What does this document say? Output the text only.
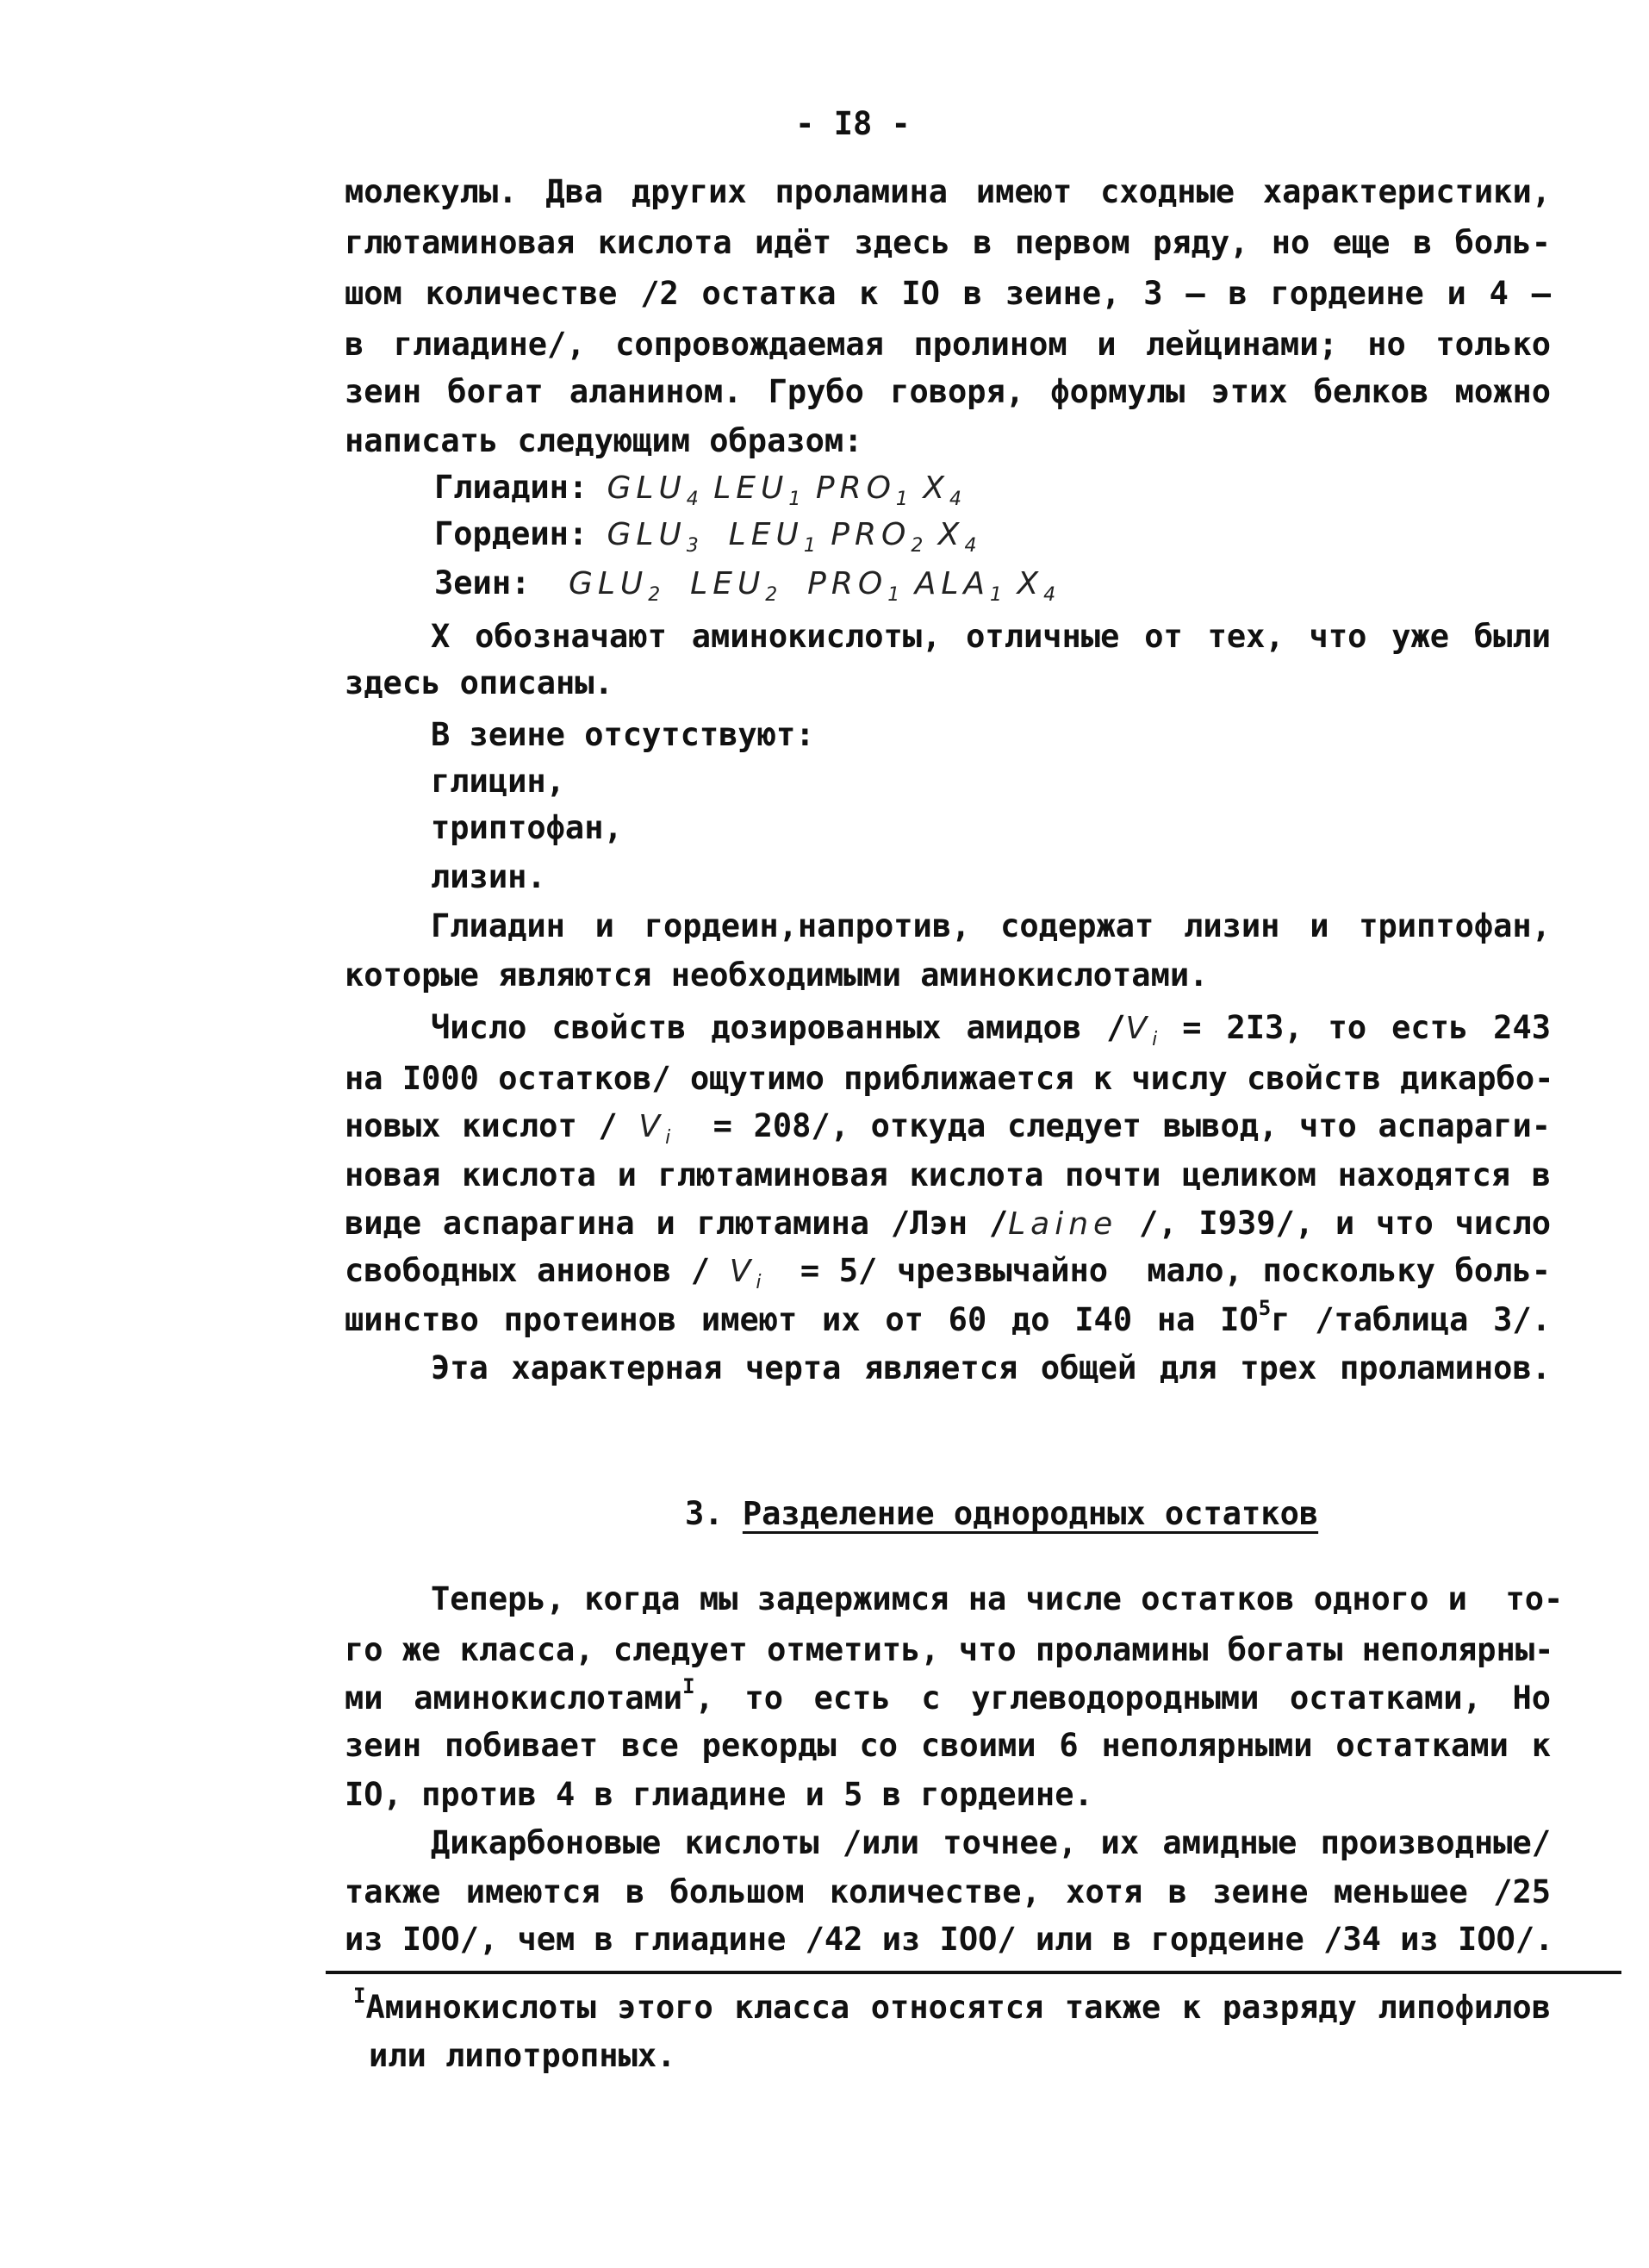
- I8 -
молекулы. Два других проламина имеют сходные характеристики,
глютаминовая кислота идёт здесь в первом ряду, но еще в боль-
шом количестве /2 остатка к IO в зеине, 3 – в гордеине и 4 –
в глиадине/, сопровождаемая пролином и лейцинами; но только
зеин богат аланином. Грубо говоря, формулы этих белков можно
написать следующим образом:
Глиадин: $GLU_4$ $LEU_1$ $PRO_1$ $X_4$
Гордеин: $GLU_3$  $LEU_1$ $PRO_2$ $X_4$
Зеин:  $GLU_2$  $LEU_2$  $PRO_1$ $ALA_1$ $X_4$
X обозначают аминокислоты, отличные от тех, что уже были
здесь описаны.
В зеине отсутствуют:
глицин,
триптофан,
лизин.
Глиадин и гордеин,напротив, содержат лизин и триптофан,
которые являются необходимыми аминокислотами.
Число свойств дозированных амидов $/V_i = 2I3$, то есть 243
на I000 остатков/ ощутимо приближается к числу свойств дикарбо-
новых кислот / $V_i = 208/$, откуда следует вывод, что аспараги-
новая кислота и глютаминовая кислота почти целиком находятся в
виде аспарагина и глютамина /Лэн /Laine /, I939/, и что число
свободных анионов / $V_i = 5/$ чрезвычайно  мало, поскольку боль-
шинство протеинов имеют их от 60 до I40 на $IO^5г$ /таблица 3/.
Эта характерная черта является общей для трех проламинов.
3. Разделение однородных остатков
Теперь, когда мы задержимся на числе остатков одного и  то-
го же класса, следует отметить, что проламины богаты неполярны-
ми аминокислотами$^I$, то есть с углеводородными остатками, Но
зеин побивает все рекорды со своими 6 неполярными остатками к
IO, против 4 в глиадине и 5 в гордеине.
Дикарбоновые кислоты /или точнее, их амидные производные/
также имеются в большом количестве, хотя в зеине меньшее /25
из IOO/, чем в глиадине /42 из IOO/ или в гордеине /34 из IOO/.
$^I$Аминокислоты этого класса относятся также к разряду липофилов
или липотропных.
